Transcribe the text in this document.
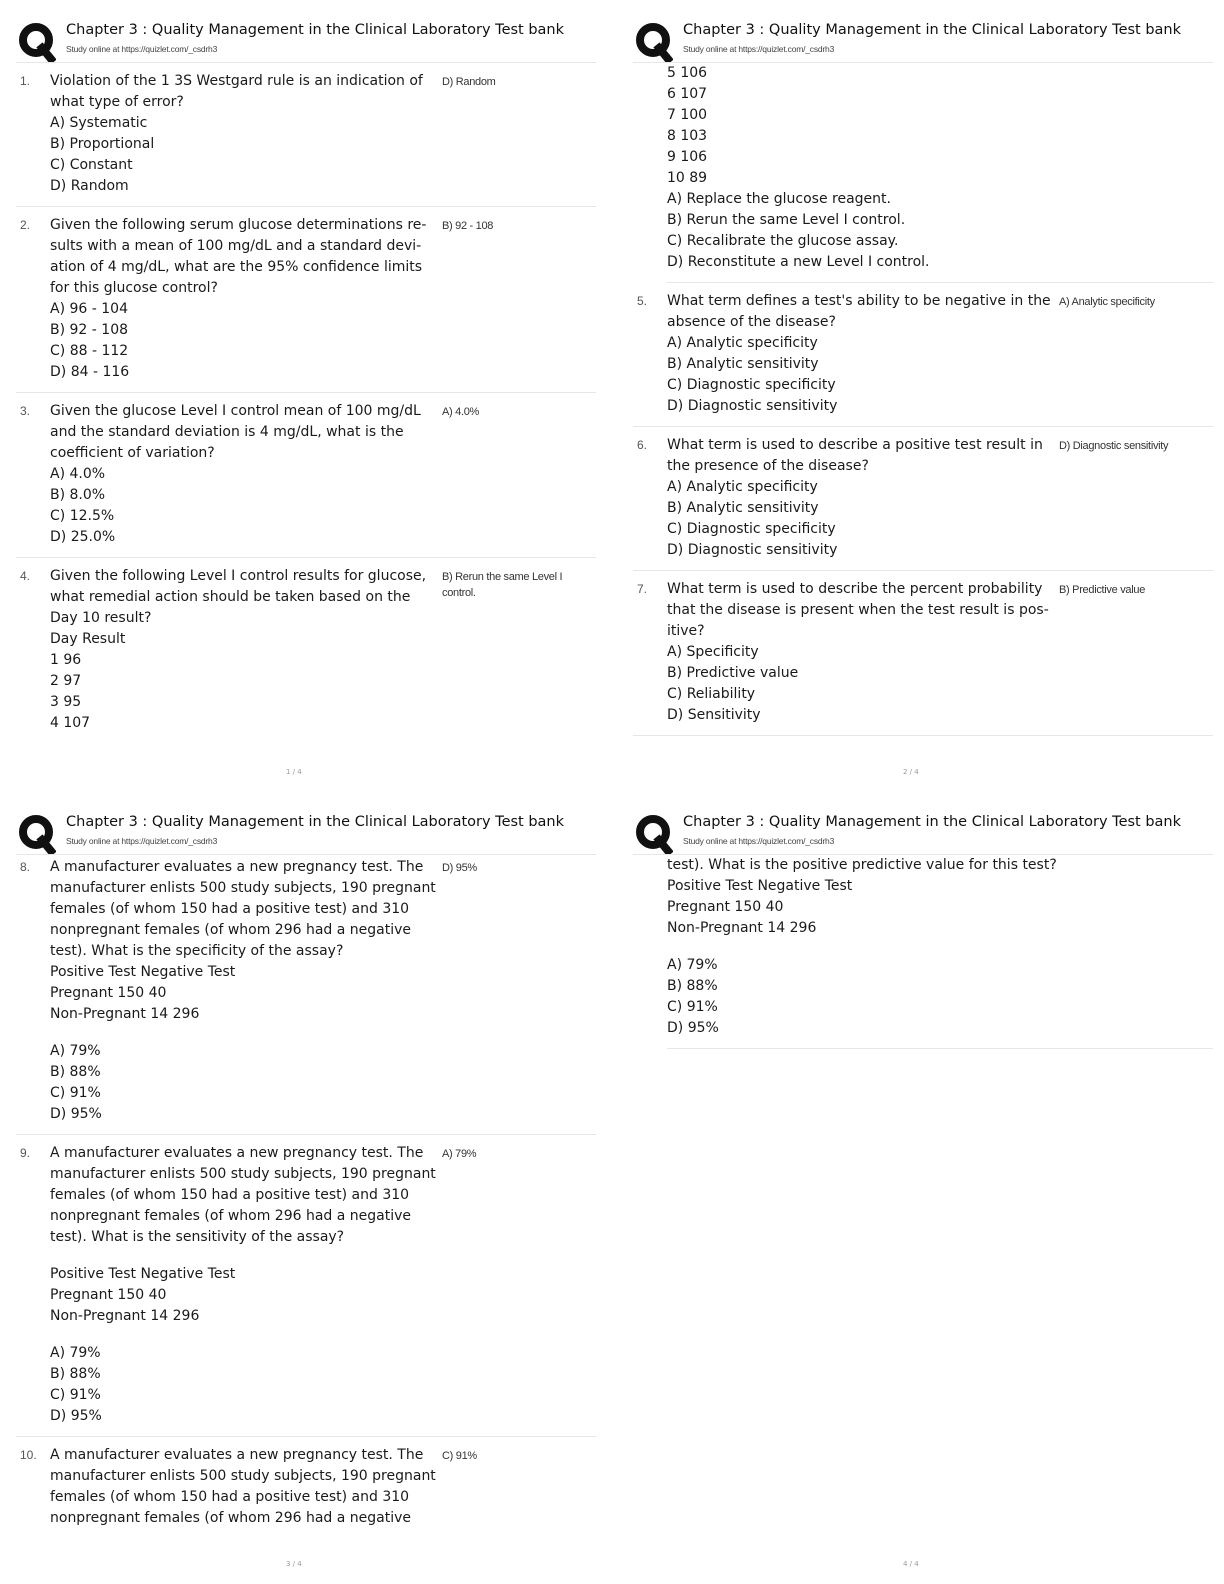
Chapter 3 : Quality Management in the Clinical Laboratory Test bank
Study online at https://quizlet.com/_csdrh3
1. Violation of the 1 3S Westgard rule is an indication of
what type of error?
A) Systematic
B) Proportional
C) Constant
D) Random
D) Random
2. Given the following serum glucose determinations re-
sults with a mean of 100 mg/dL and a standard devi-
ation of 4 mg/dL, what are the 95% confidence limits
for this glucose control?
A) 96 - 104
B) 92 - 108
C) 88 - 112
D) 84 - 116
B) 92 - 108
3. Given the glucose Level I control mean of 100 mg/dL
and the standard deviation is 4 mg/dL, what is the
coefficient of variation?
A) 4.0%
B) 8.0%
C) 12.5%
D) 25.0%
A) 4.0%
4. Given the following Level I control results for glucose,
what remedial action should be taken based on the
Day 10 result?
Day Result
1 96
2 97
3 95
4 107
B) Rerun the same Level I
control.
1 / 4
Chapter 3 : Quality Management in the Clinical Laboratory Test bank
Study online at https://quizlet.com/_csdrh3
5 106
6 107
7 100
8 103
9 106
10 89
A) Replace the glucose reagent.
B) Rerun the same Level I control.
C) Recalibrate the glucose assay.
D) Reconstitute a new Level I control.
5. What term defines a test's ability to be negative in the
absence of the disease?
A) Analytic specificity
B) Analytic sensitivity
C) Diagnostic specificity
D) Diagnostic sensitivity
A) Analytic specificity
6. What term is used to describe a positive test result in
the presence of the disease?
A) Analytic specificity
B) Analytic sensitivity
C) Diagnostic specificity
D) Diagnostic sensitivity
D) Diagnostic sensitivity
7. What term is used to describe the percent probability
that the disease is present when the test result is pos-
itive?
A) Specificity
B) Predictive value
C) Reliability
D) Sensitivity
B) Predictive value
2 / 4
Chapter 3 : Quality Management in the Clinical Laboratory Test bank
Study online at https://quizlet.com/_csdrh3
8. A manufacturer evaluates a new pregnancy test. The
manufacturer enlists 500 study subjects, 190 pregnant
females (of whom 150 had a positive test) and 310
nonpregnant females (of whom 296 had a negative
test). What is the specificity of the assay?
Positive Test Negative Test
Pregnant 150 40
Non-Pregnant 14 296
A) 79%
B) 88%
C) 91%
D) 95%
D) 95%
9. A manufacturer evaluates a new pregnancy test. The
manufacturer enlists 500 study subjects, 190 pregnant
females (of whom 150 had a positive test) and 310
nonpregnant females (of whom 296 had a negative
test). What is the sensitivity of the assay?
Positive Test Negative Test
Pregnant 150 40
Non-Pregnant 14 296
A) 79%
B) 88%
C) 91%
D) 95%
A) 79%
10. A manufacturer evaluates a new pregnancy test. The
manufacturer enlists 500 study subjects, 190 pregnant
females (of whom 150 had a positive test) and 310
nonpregnant females (of whom 296 had a negative
C) 91%
3 / 4
Chapter 3 : Quality Management in the Clinical Laboratory Test bank
Study online at https://quizlet.com/_csdrh3
test). What is the positive predictive value for this test?
Positive Test Negative Test
Pregnant 150 40
Non-Pregnant 14 296
A) 79%
B) 88%
C) 91%
D) 95%
4 / 4
